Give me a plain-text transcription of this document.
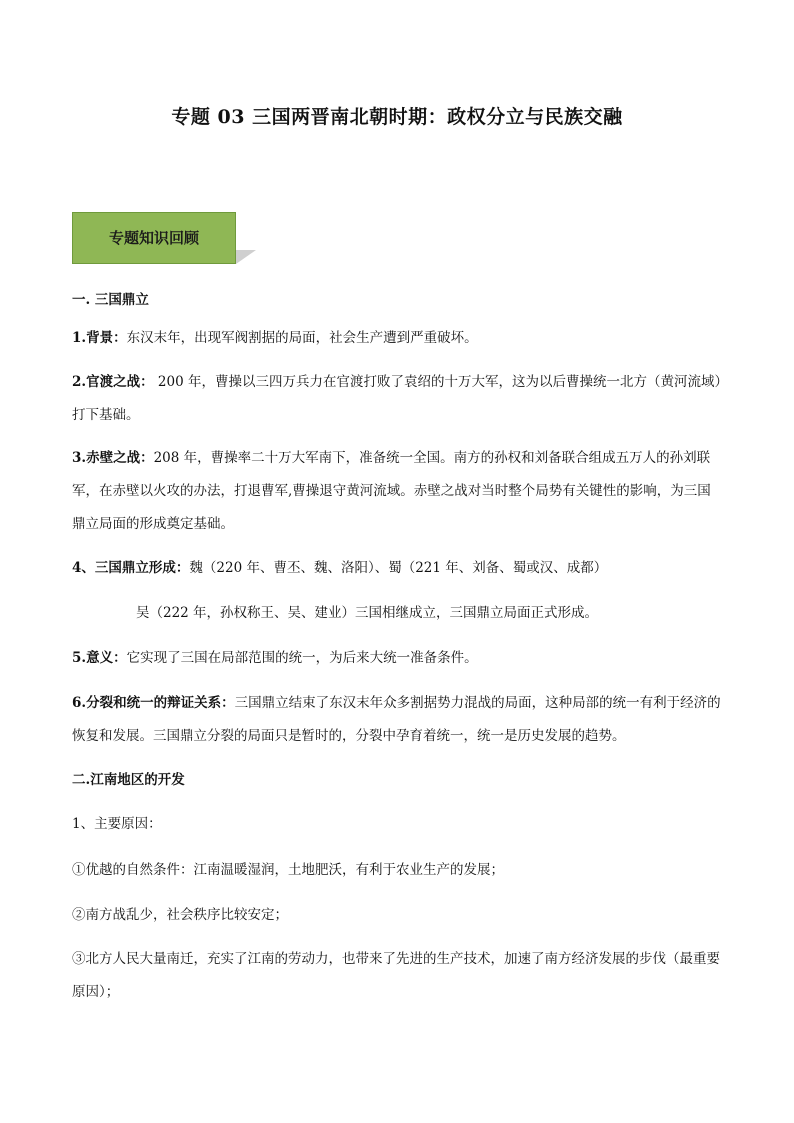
专题 03 三国两晋南北朝时期：政权分立与民族交融
专题知识回顾
一. 三国鼎立
1.背景：东汉末年，出现军阀割据的局面，社会生产遭到严重破坏。
2.官渡之战： 200 年，曹操以三四万兵力在官渡打败了袁绍的十万大军，这为以后曹操统一北方（黄河流域）打下基础。
3.赤壁之战：208 年，曹操率二十万大军南下，准备统一全国。南方的孙权和刘备联合组成五万人的孙刘联军，在赤壁以火攻的办法，打退曹军,曹操退守黄河流域。赤壁之战对当时整个局势有关键性的影响，为三国鼎立局面的形成奠定基础。
4、三国鼎立形成：魏（220 年、曹丕、魏、洛阳）、蜀（221 年、刘备、蜀或汉、成都）
吴（222 年，孙权称王、吴、建业）三国相继成立，三国鼎立局面正式形成。
5.意义：它实现了三国在局部范围的统一，为后来大统一准备条件。
6.分裂和统一的辩证关系：三国鼎立结束了东汉末年众多割据势力混战的局面，这种局部的统一有利于经济的恢复和发展。三国鼎立分裂的局面只是暂时的，分裂中孕育着统一，统一是历史发展的趋势。
二.江南地区的开发
1、主要原因：
①优越的自然条件：江南温暖湿润，土地肥沃，有利于农业生产的发展；
②南方战乱少，社会秩序比较安定；
③北方人民大量南迁，充实了江南的劳动力，也带来了先进的生产技术，加速了南方经济发展的步伐（最重要原因）；
